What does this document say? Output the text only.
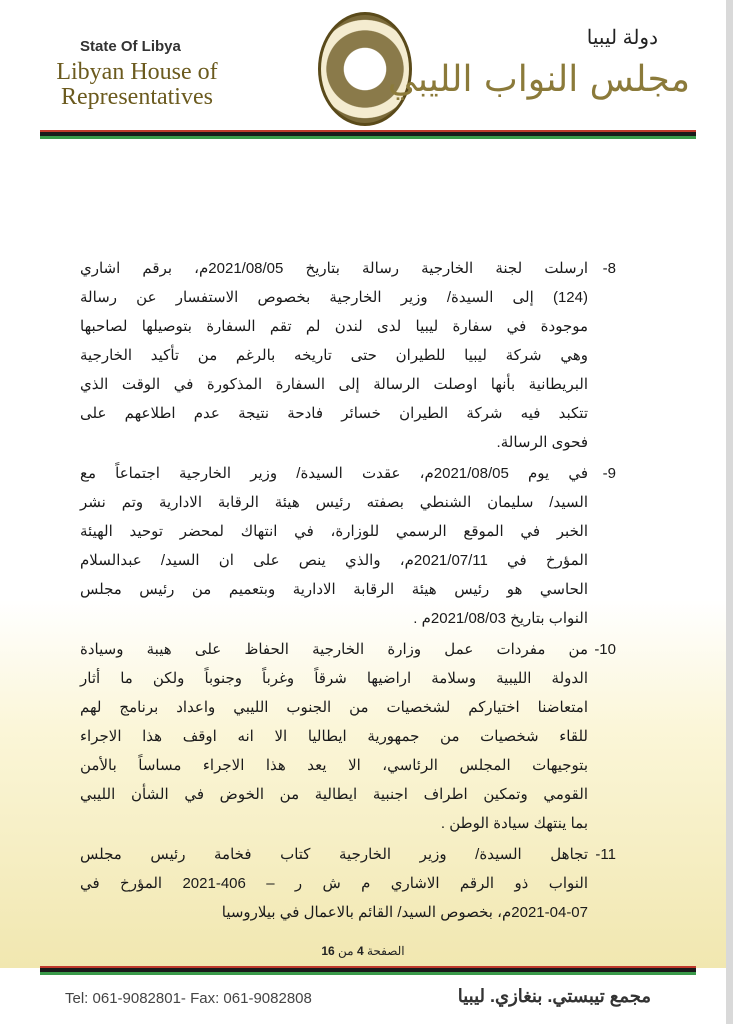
State Of Libya
Libyan House of
Representatives
دولة ليبيا
مجلس النواب الليبي
-8
ارسلت لجنة الخارجية رسالة بتاريخ 2021/08/05م، برقم اشاري
(124) إلى السيدة/ وزير الخارجية بخصوص الاستفسار عن رسالة
موجودة في سفارة ليبيا لدى لندن لم تقم السفارة بتوصيلها لصاحبها
وهي شركة ليبيا للطيران حتى تاريخه بالرغم من تأكيد الخارجية
البريطانية بأنها اوصلت الرسالة إلى السفارة المذكورة في الوقت الذي
تتكبد فيه شركة الطيران خسائر فادحة نتيجة عدم اطلاعهم على
فحوى الرسالة.
-9
في يوم 2021/08/05م، عقدت السيدة/ وزير الخارجية اجتماعاً مع
السيد/ سليمان الشنطي بصفته رئيس هيئة الرقابة الادارية وتم نشر
الخبر في الموقع الرسمي للوزارة، في انتهاك لمحضر توحيد الهيئة
المؤرخ في 2021/07/11م، والذي ينص على ان السيد/ عبدالسلام
الحاسي هو رئيس هيئة الرقابة الادارية وبتعميم من رئيس مجلس
النواب بتاريخ 2021/08/03م .
-10
من مفردات عمل وزارة الخارجية الحفاظ على هيبة وسيادة
الدولة الليبية وسلامة اراضيها شرقاً وغرباً وجنوباً ولكن ما أثار
امتعاضنا اختياركم لشخصيات من الجنوب الليبي واعداد برنامج لهم
للقاء شخصيات من جمهورية ايطاليا الا انه اوقف هذا الاجراء
بتوجيهات المجلس الرئاسي، الا يعد هذا الاجراء مساساً بالأمن
القومي وتمكين اطراف اجنبية ايطالية من الخوض في الشأن الليبي
بما ينتهك سيادة الوطن .
-11
تجاهل السيدة/ وزير الخارجية كتاب فخامة رئيس مجلس
النواب ذو الرقم الاشاري م ش ر – 406-2021 المؤرخ في
2021-04-07م، بخصوص السيد/ القائم بالاعمال في بيلاروسيا
الصفحة 4 من 16
Tel: 061-9082801- Fax: 061-9082808	مجمع تيبستي. بنغازي. ليبيا
